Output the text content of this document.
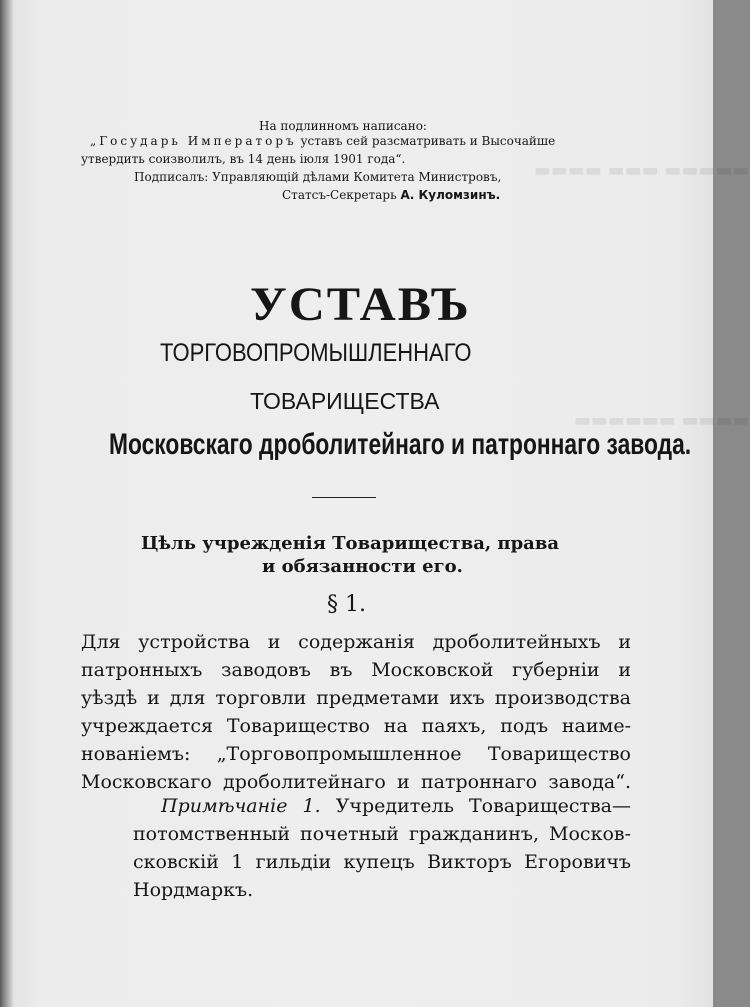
▬▬▬▬▬ ▬▬▬ ▬▬▬▬
▬▬▬▬ ▬▬▬▬▬▬
На подлинномъ написано:
„Государь Императоръ уставъ сей разсматривать и Высочайше
утвердить соизволилъ, въ 14 день іюля 1901 года“.
Подписалъ: Управляющій дѣлами Комитета Министровъ,
Статсъ-Секретарь А. Куломзинъ.
УСТАВЪ
ТОРГОВОПРОМЫШЛЕННАГО
ТОВАРИЩЕСТВА
Московскаго дроболитейнаго и патроннаго завода.
Цѣль учрежденія Товарищества, права
и обязанности его.
§ 1.
Для устройства и содержанія дроболитейныхъ и
патронныхъ заводовъ въ Московской губерніи и
уѣздѣ и для торговли предметами ихъ производства
учреждается Товарищество на паяхъ, подъ наиме-
нованіемъ: „Торговопромышленное Товарищество
Московскаго дроболитейнаго и патроннаго завода“.
Примѣчаніе 1. Учредитель Товарищества—
потомственный почетный гражданинъ, Москов-
сковскій 1 гильдіи купецъ Викторъ Егоровичъ
Нордмаркъ.
